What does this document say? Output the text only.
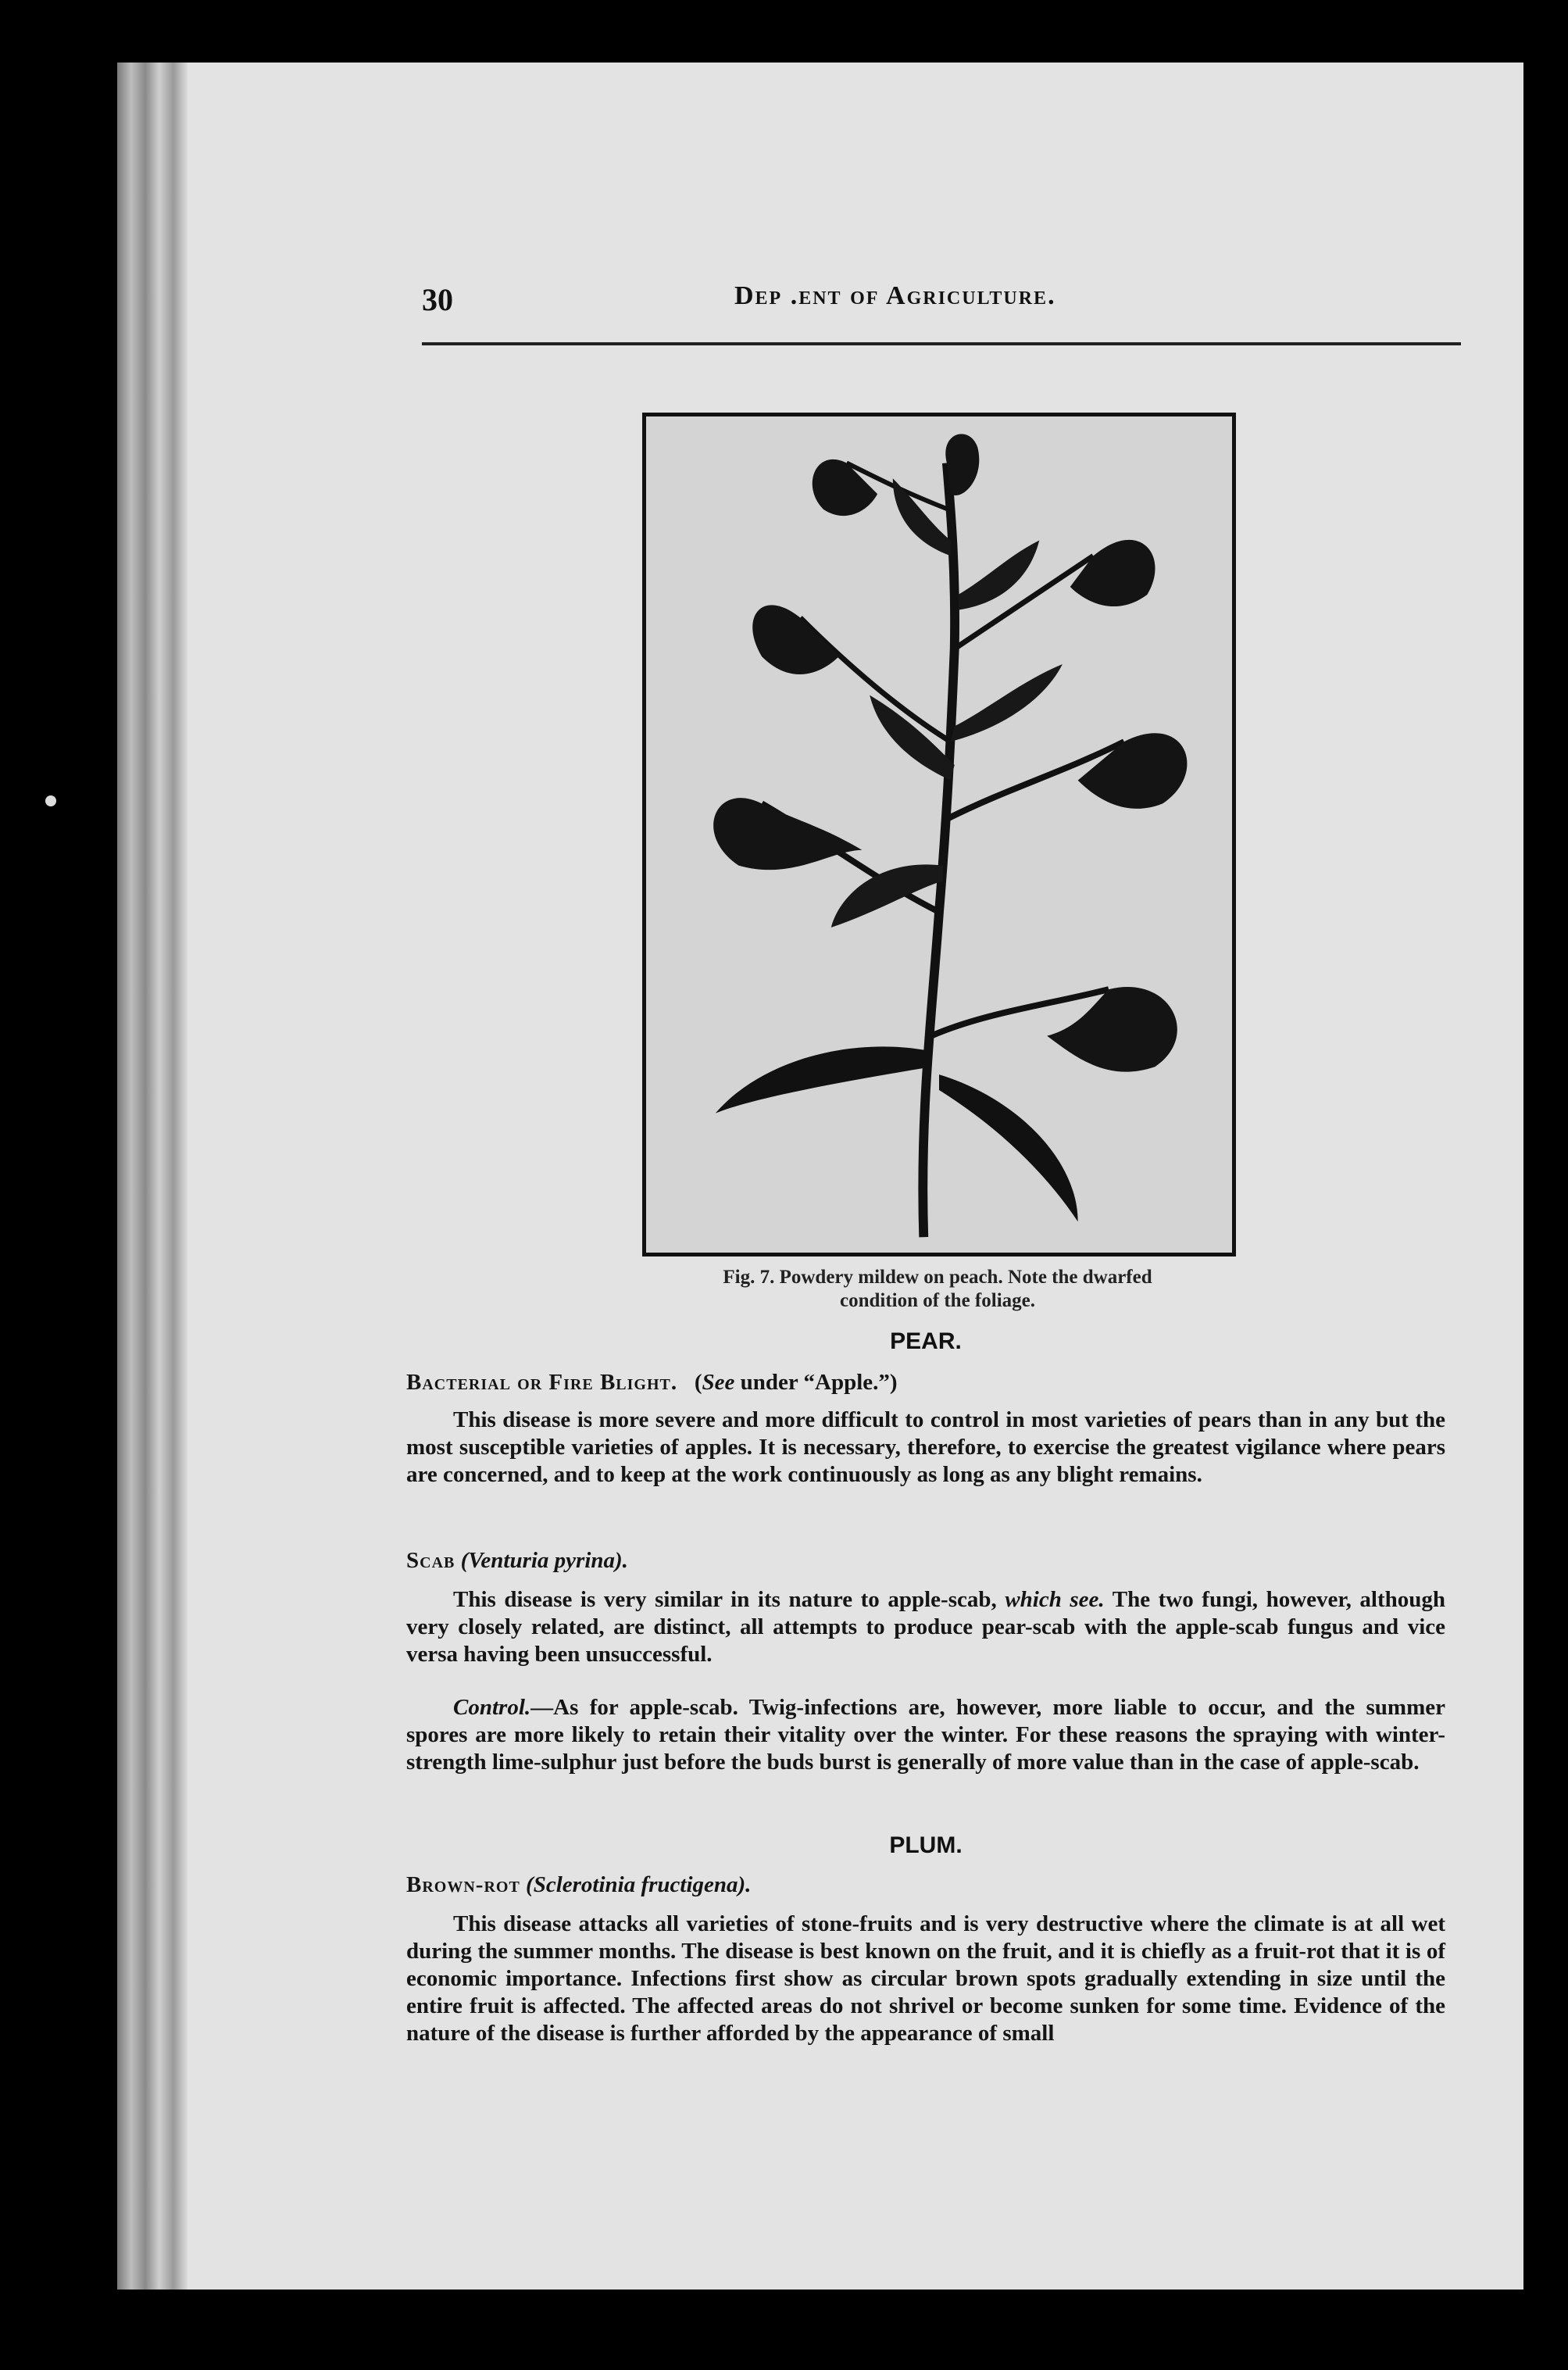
30	Dep .ent of Agriculture.
Fig. 7. Powdery mildew on peach. Note the dwarfed
condition of the foliage.
PEAR.
Bacterial or Fire Blight. (See under “Apple.”)
This disease is more severe and more difficult to control in most varieties of pears than in any but the most susceptible varieties of apples. It is necessary, therefore, to exercise the greatest vigilance where pears are concerned, and to keep at the work continuously as long as any blight remains.
Scab (Venturia pyrina).
This disease is very similar in its nature to apple-scab, which see. The two fungi, however, although very closely related, are distinct, all attempts to produce pear-scab with the apple-scab fungus and vice versa having been unsuccessful.
Control.—As for apple-scab. Twig-infections are, however, more liable to occur, and the summer spores are more likely to retain their vitality over the winter. For these reasons the spraying with winter-strength lime-sulphur just before the buds burst is generally of more value than in the case of apple-scab.
PLUM.
Brown-rot (Sclerotinia fructigena).
This disease attacks all varieties of stone-fruits and is very destructive where the climate is at all wet during the summer months. The disease is best known on the fruit, and it is chiefly as a fruit-rot that it is of economic importance. Infections first show as circular brown spots gradually extending in size until the entire fruit is affected. The affected areas do not shrivel or become sunken for some time. Evidence of the nature of the disease is further afforded by the appearance of small
